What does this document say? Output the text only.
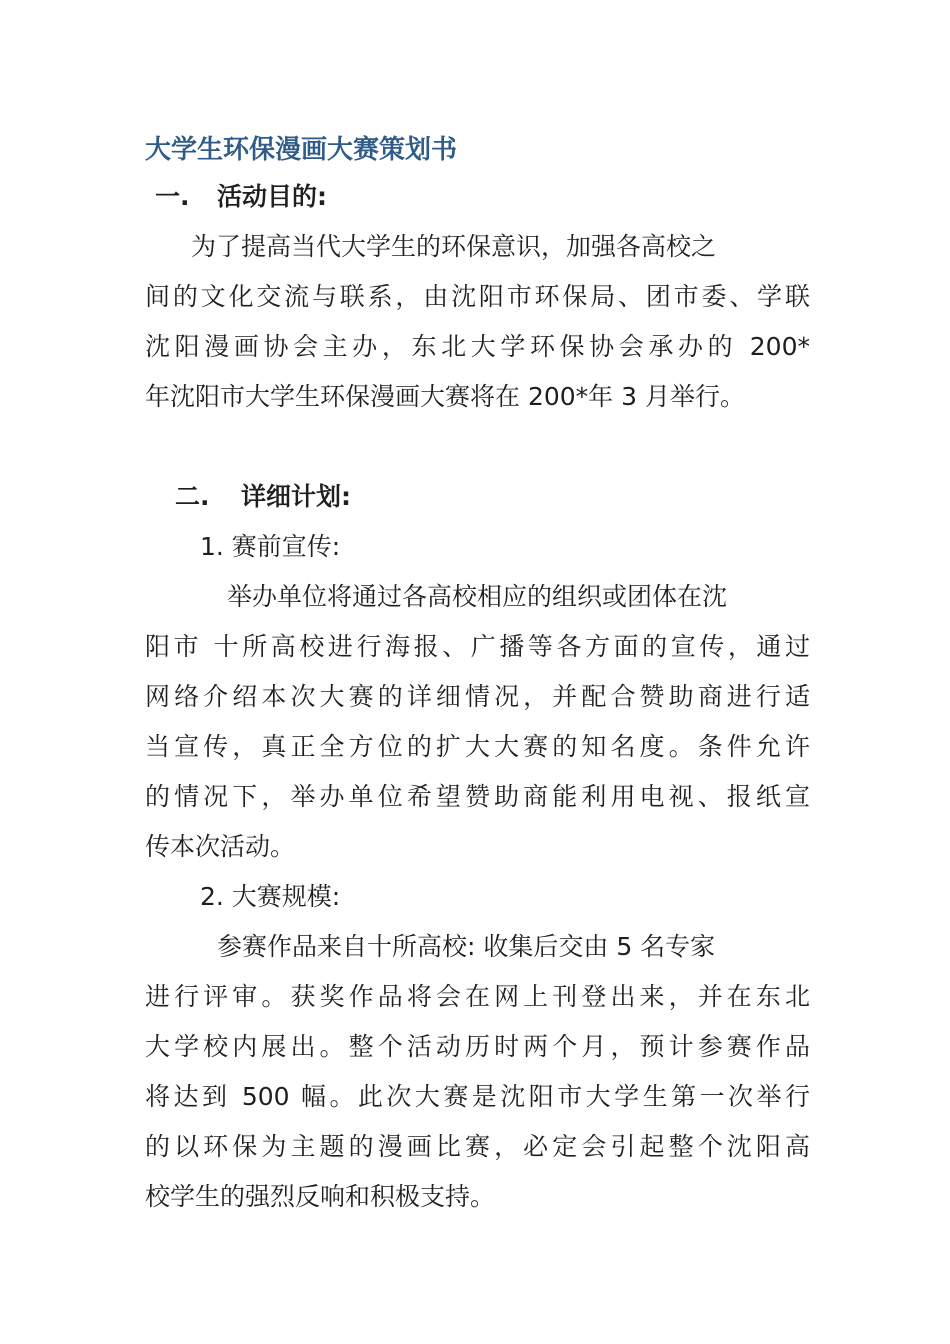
大学生环保漫画大赛策划书
一. 活动目的:
为了提高当代大学生的环保意识，加强各高校之
间的文化交流与联系，由沈阳市环保局、团市委、学联
沈阳漫画协会主办，东北大学环保协会承办的 200*
年沈阳市大学生环保漫画大赛将在 200*年 3 月举行。
二. 详细计划:
1. 赛前宣传:
举办单位将通过各高校相应的组织或团体在沈
阳市 十所高校进行海报、广播等各方面的宣传，通过
网络介绍本次大赛的详细情况，并配合赞助商进行适
当宣传，真正全方位的扩大大赛的知名度。条件允许
的情况下，举办单位希望赞助商能利用电视、报纸宣
传本次活动。
2. 大赛规模:
参赛作品来自十所高校: 收集后交由 5 名专家
进行评审。获奖作品将会在网上刊登出来，并在东北
大学校内展出。整个活动历时两个月，预计参赛作品
将达到 500 幅。此次大赛是沈阳市大学生第一次举行
的以环保为主题的漫画比赛，必定会引起整个沈阳高
校学生的强烈反响和积极支持。
